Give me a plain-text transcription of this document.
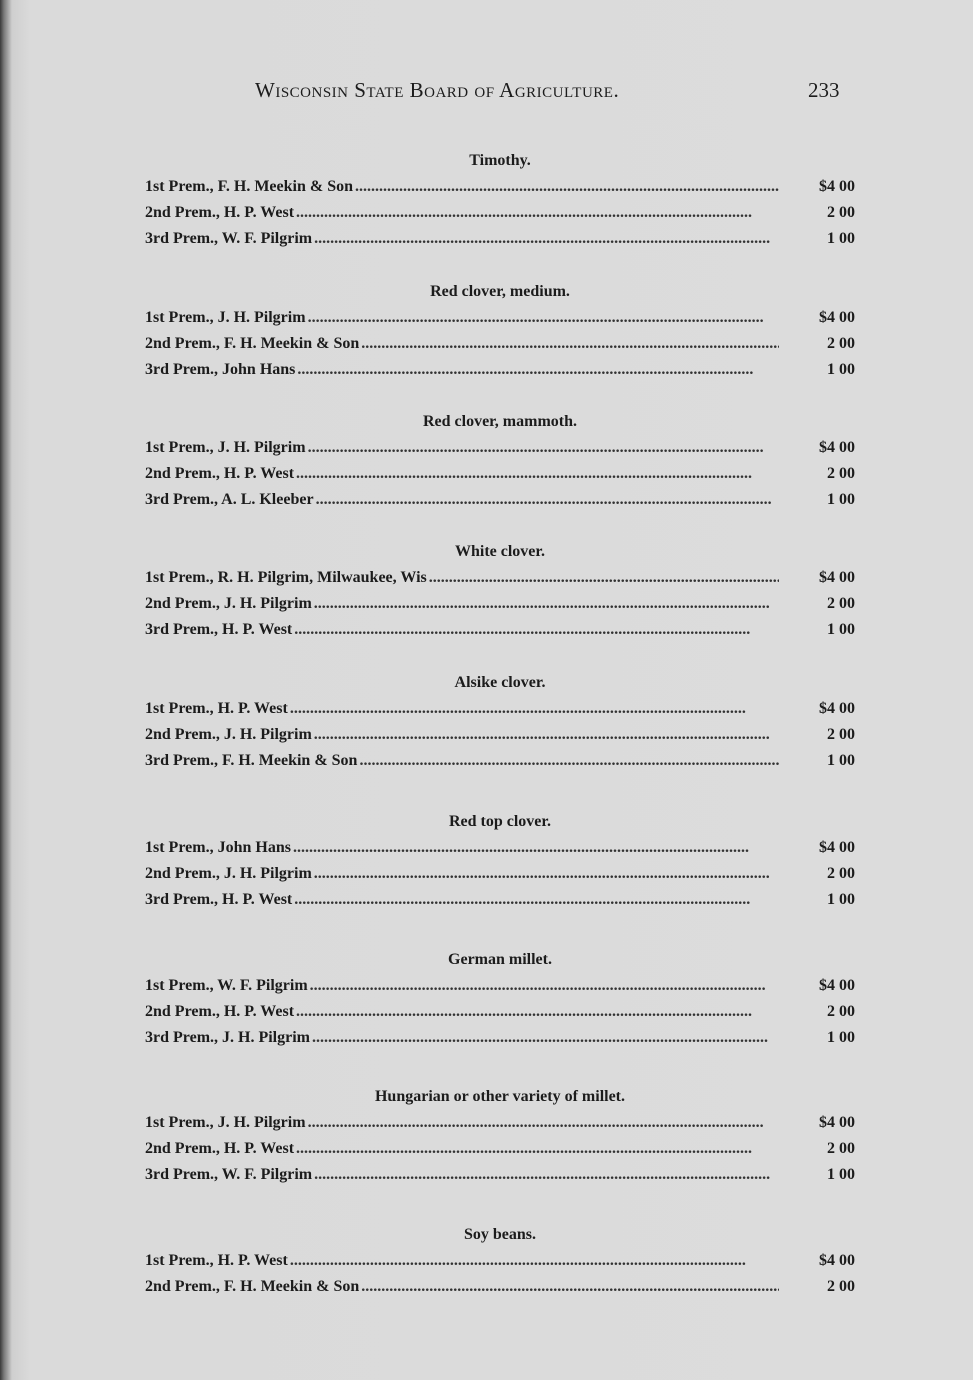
Wisconsin State Board of Agriculture.	233
Timothy.
1st Prem., F. H. Meekin & Son . . .	$4 00
2nd Prem., H. P. West . . .	2 00
3rd Prem., W. F. Pilgrim . . .	1 00
Red clover, medium.
1st Prem., J. H. Pilgrim . . .	$4 00
2nd Prem., F. H. Meekin & Son . . .	2 00
3rd Prem., John Hans . . .	1 00
Red clover, mammoth.
1st Prem., J. H. Pilgrim . . .	$4 00
2nd Prem., H. P. West . . .	2 00
3rd Prem., A. L. Kleeber . . .	1 00
White clover.
1st Prem., R. H. Pilgrim, Milwaukee, Wis . . .	$4 00
2nd Prem., J. H. Pilgrim . . .	2 00
3rd Prem., H. P. West . . .	1 00
Alsike clover.
1st Prem., H. P. West . . .	$4 00
2nd Prem., J. H. Pilgrim . . .	2 00
3rd Prem., F. H. Meekin & Son . . .	1 00
Red top clover.
1st Prem., John Hans . . .	$4 00
2nd Prem., J. H. Pilgrim . . .	2 00
3rd Prem., H. P. West . . .	1 00
German millet.
1st Prem., W. F. Pilgrim . . .	$4 00
2nd Prem., H. P. West . . .	2 00
3rd Prem., J. H. Pilgrim . . .	1 00
Hungarian or other variety of millet.
1st Prem., J. H. Pilgrim . . .	$4 00
2nd Prem., H. P. West . . .	2 00
3rd Prem., W. F. Pilgrim . . .	1 00
Soy beans.
1st Prem., H. P. West . . .	$4 00
2nd Prem., F. H. Meekin & Son . . .	2 00
